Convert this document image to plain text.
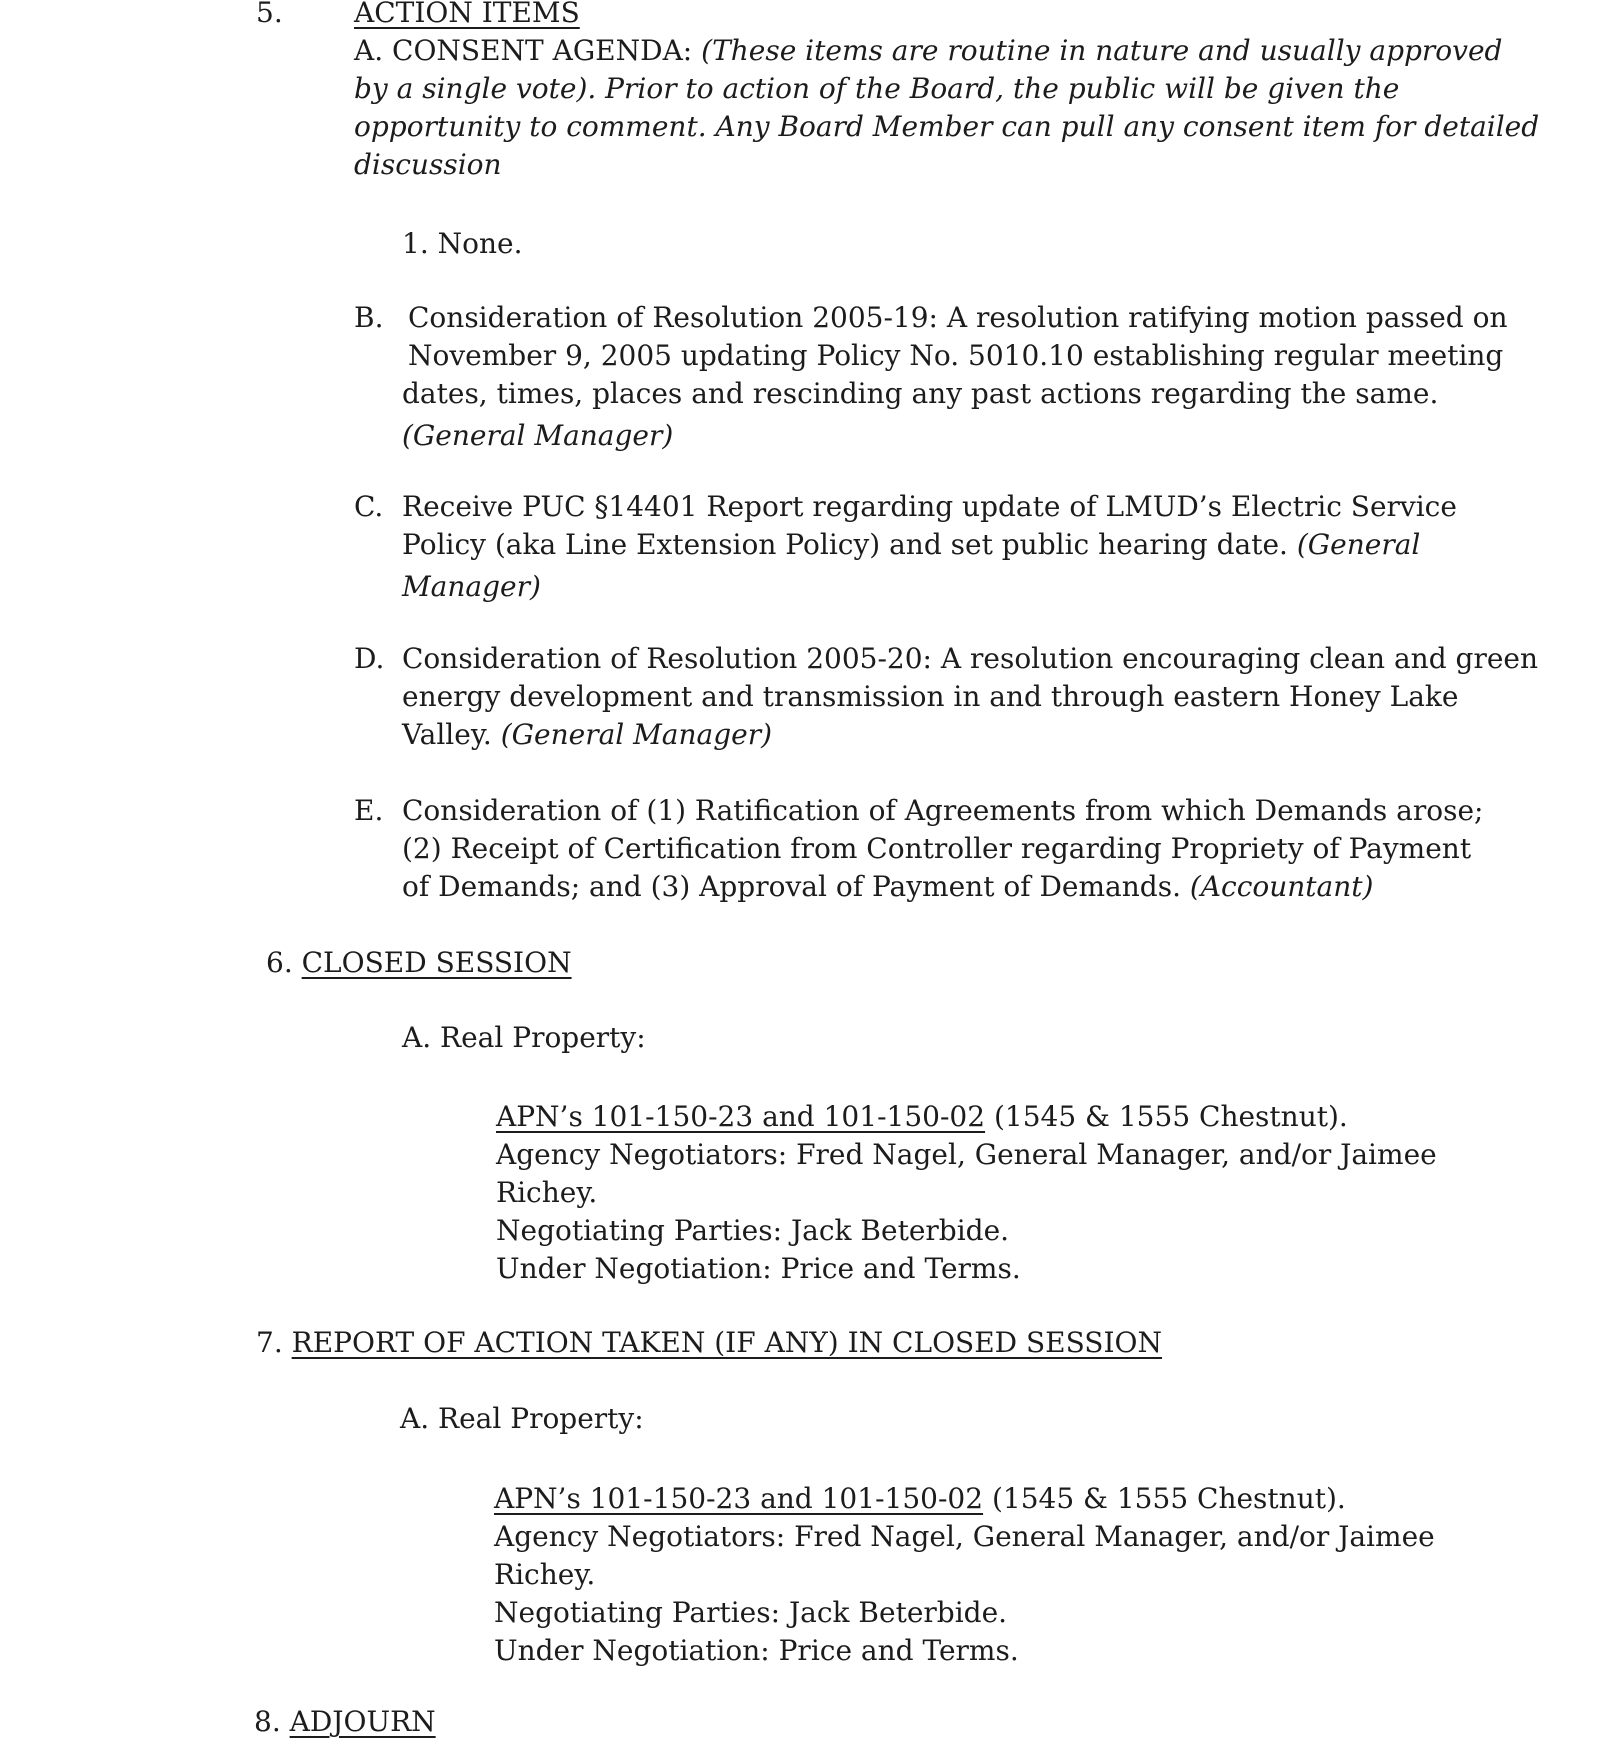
5.	ACTION ITEMS
A. CONSENT AGENDA: (These items are routine in nature and usually approved
by a single vote). Prior to action of the Board, the public will be given the
opportunity to comment. Any Board Member can pull any consent item for detailed
discussion
1. None.
B. Consideration of Resolution 2005-19: A resolution ratifying motion passed on
November 9, 2005 updating Policy No. 5010.10 establishing regular meeting
dates, times, places and rescinding any past actions regarding the same.
(General Manager)
C. Receive PUC §14401 Report regarding update of LMUD’s Electric Service
Policy (aka Line Extension Policy) and set public hearing date. (General
Manager)
D. Consideration of Resolution 2005-20: A resolution encouraging clean and green
energy development and transmission in and through eastern Honey Lake
Valley. (General Manager)
E. Consideration of (1) Ratification of Agreements from which Demands arose;
(2) Receipt of Certification from Controller regarding Propriety of Payment
of Demands; and (3) Approval of Payment of Demands. (Accountant)
6. CLOSED SESSION
A. Real Property:
APN’s 101-150-23 and 101-150-02 (1545 & 1555 Chestnut).
Agency Negotiators: Fred Nagel, General Manager, and/or Jaimee
Richey.
Negotiating Parties: Jack Beterbide.
Under Negotiation: Price and Terms.
7. REPORT OF ACTION TAKEN (IF ANY) IN CLOSED SESSION
A. Real Property:
APN’s 101-150-23 and 101-150-02 (1545 & 1555 Chestnut).
Agency Negotiators: Fred Nagel, General Manager, and/or Jaimee
Richey.
Negotiating Parties: Jack Beterbide.
Under Negotiation: Price and Terms.
8. ADJOURN
